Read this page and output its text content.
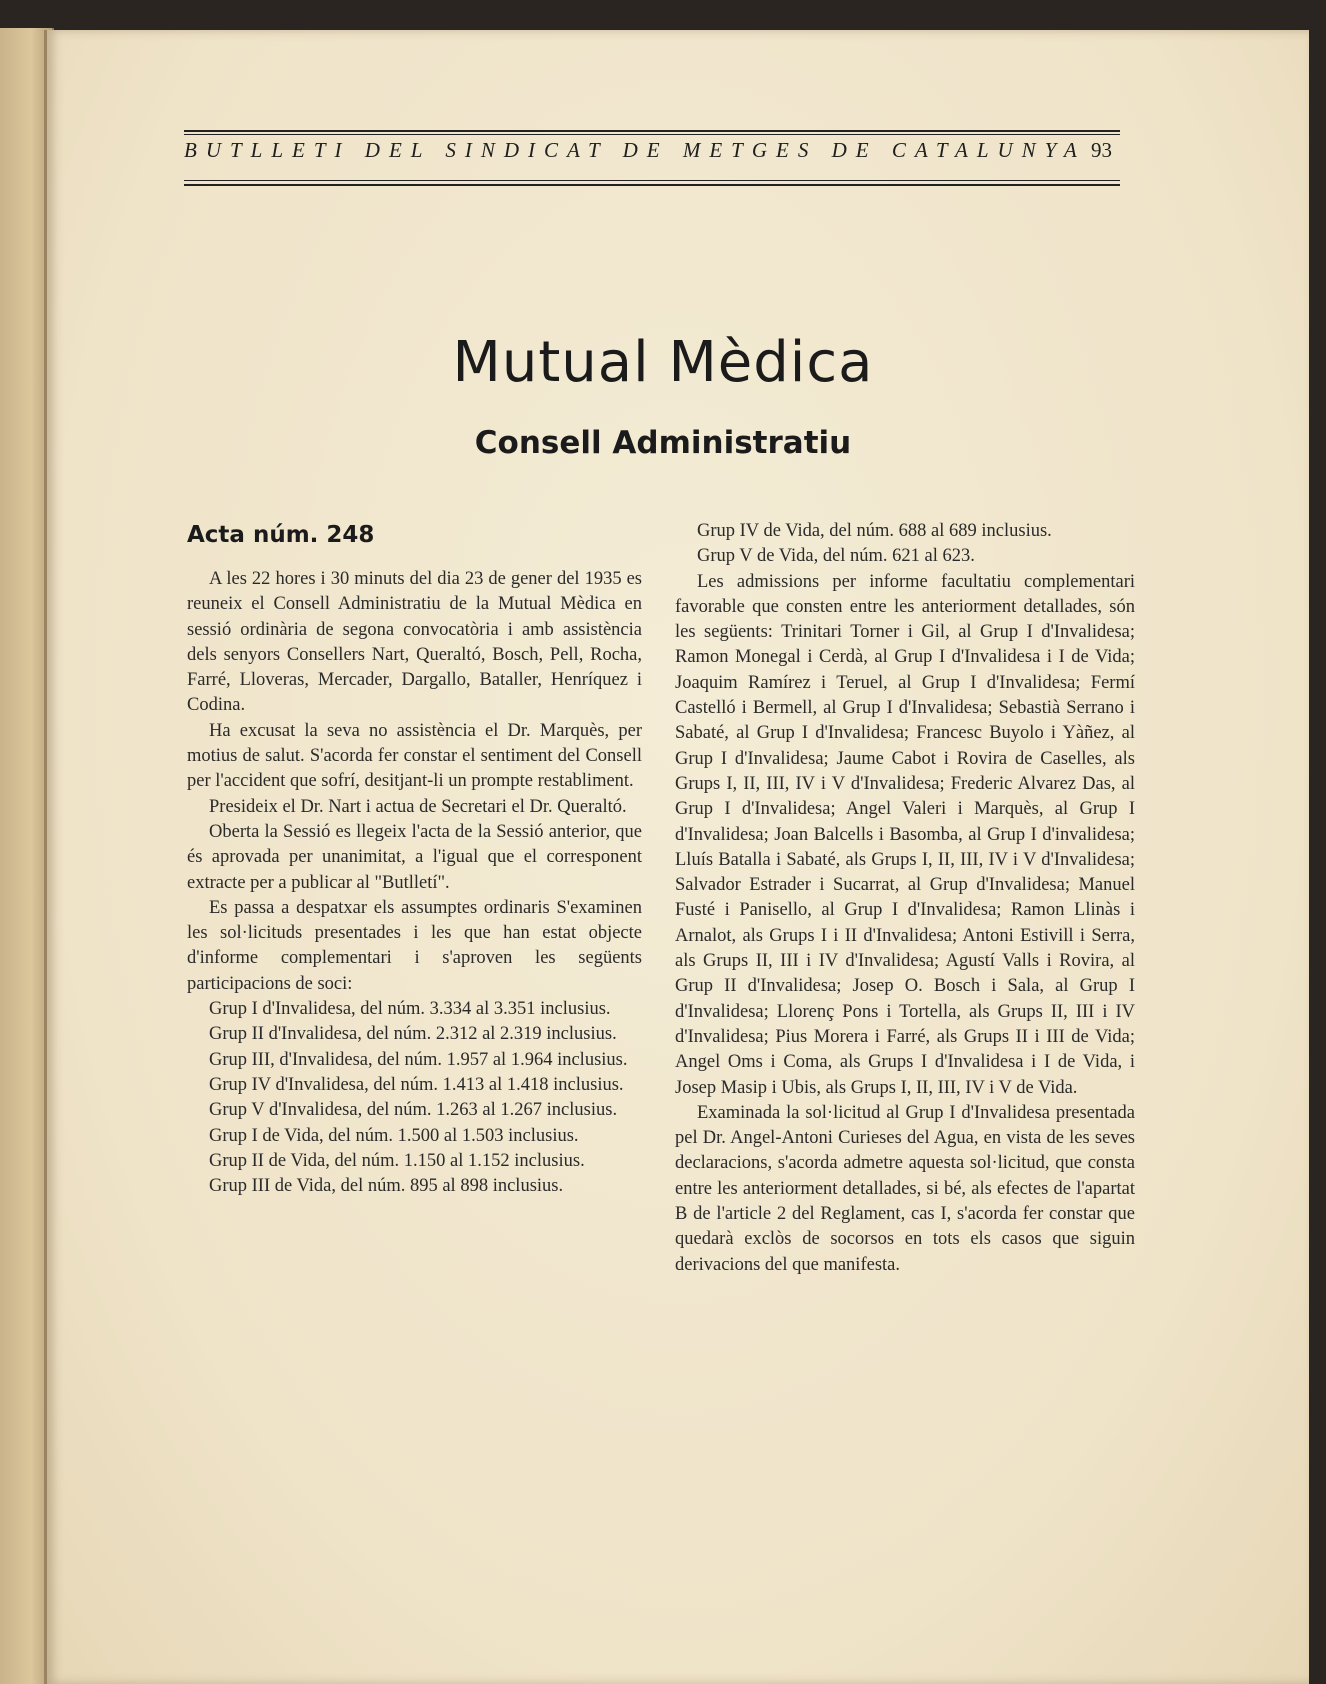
BUTLLETI DEL SINDICAT DE METGES DE CATALUNYA 93
Mutual Mèdica
Consell Administratiu
Acta núm. 248

A les 22 hores i 30 minuts del dia 23 de gener del 1935 es reuneix el Consell Administratiu de la Mutual Mèdica en sessió ordinària de segona convocatòria i amb assistència dels senyors Consellers Nart, Queraltó, Bosch, Pell, Rocha, Farré, Lloveras, Mercader, Dargallo, Bataller, Henríquez i Codina.

Ha excusat la seva no assistència el Dr. Marquès, per motius de salut. S'acorda fer constar el sentiment del Consell per l'accident que sofrí, desitjant-li un prompte restabliment.

Presideix el Dr. Nart i actua de Secretari el Dr. Queraltó.

Oberta la Sessió es llegeix l'acta de la Sessió anterior, que és aprovada per unanimitat, a l'igual que el corresponent extracte per a publicar al "Butlletí".

Es passa a despatxar els assumptes ordinaris S'examinen les sol·licituds presentades i les que han estat objecte d'informe complementari i s'aproven les següents participacions de soci:

Grup I d'Invalidesa, del núm. 3.334 al 3.351 inclusius.

Grup II d'Invalidesa, del núm. 2.312 al 2.319 inclusius.

Grup III, d'Invalidesa, del núm. 1.957 al 1.964 inclusius.

Grup IV d'Invalidesa, del núm. 1.413 al 1.418 inclusius.

Grup V d'Invalidesa, del núm. 1.263 al 1.267 inclusius.

Grup I de Vida, del núm. 1.500 al 1.503 inclusius.

Grup II de Vida, del núm. 1.150 al 1.152 inclusius.

Grup III de Vida, del núm. 895 al 898 inclusius.

Grup IV de Vida, del núm. 688 al 689 inclusius.

Grup V de Vida, del núm. 621 al 623.

Les admissions per informe facultatiu complementari favorable que consten entre les anteriorment detallades, són les següents: Trinitari Torner i Gil, al Grup I d'Invalidesa; Ramon Monegal i Cerdà, al Grup I d'Invalidesa i I de Vida; Joaquim Ramírez i Teruel, al Grup I d'Invalidesa; Fermí Castelló i Bermell, al Grup I d'Invalidesa; Sebastià Serrano i Sabaté, al Grup I d'Invalidesa; Francesc Buyolo i Yàñez, al Grup I d'Invalidesa; Jaume Cabot i Rovira de Caselles, als Grups I, II, III, IV i V d'Invalidesa; Frederic Alvarez Das, al Grup I d'Invalidesa; Angel Valeri i Marquès, al Grup I d'Invalidesa; Joan Balcells i Basomba, al Grup I d'invalidesa; Lluís Batalla i Sabaté, als Grups I, II, III, IV i V d'Invalidesa; Salvador Estrader i Sucarrat, al Grup d'Invalidesa; Manuel Fusté i Panisello, al Grup I d'Invalidesa; Ramon Llinàs i Arnalot, als Grups I i II d'Invalidesa; Antoni Estivill i Serra, als Grups II, III i IV d'Invalidesa; Agustí Valls i Rovira, al Grup II d'Invalidesa; Josep O. Bosch i Sala, al Grup I d'Invalidesa; Llorenç Pons i Tortella, als Grups II, III i IV d'Invalidesa; Pius Morera i Farré, als Grups II i III de Vida; Angel Oms i Coma, als Grups I d'Invalidesa i I de Vida, i Josep Masip i Ubis, als Grups I, II, III, IV i V de Vida.

Examinada la sol·licitud al Grup I d'Invalidesa presentada pel Dr. Angel-Antoni Curieses del Agua, en vista de les seves declaracions, s'acorda admetre aquesta sol·licitud, que consta entre les anteriorment detallades, si bé, als efectes de l'apartat B de l'article 2 del Reglament, cas I, s'acorda fer constar que quedarà exclòs de socorsos en tots els casos que siguin derivacions del que manifesta.
